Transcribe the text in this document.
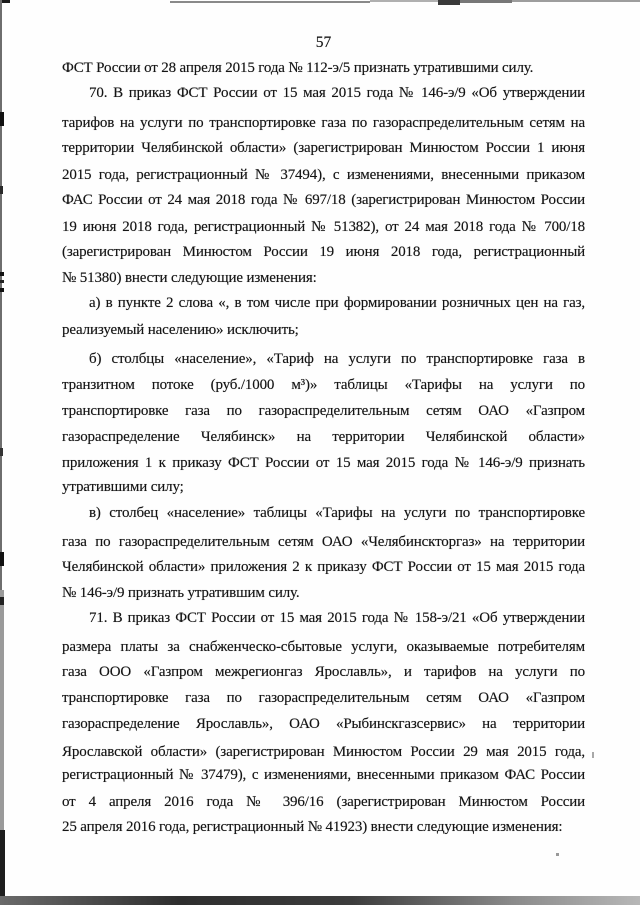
57
ФСТ России от 28 апреля 2015 года № 112-э/5 признать утратившими силу.
70. В приказ ФСТ России от 15 мая 2015 года № 146-э/9 «Об утверждении
тарифов на услуги по транспортировке газа по газораспределительным сетям на
территории Челябинской области» (зарегистрирован Минюстом России 1 июня
2015 года, регистрационный № 37494), с изменениями, внесенными приказом
ФАС России от 24 мая 2018 года № 697/18 (зарегистрирован Минюстом России
19 июня 2018 года, регистрационный № 51382), от 24 мая 2018 года № 700/18
(зарегистрирован Минюстом России 19 июня 2018 года, регистрационный
№ 51380) внести следующие изменения:
а) в пункте 2 слова «, в том числе при формировании розничных цен на газ,
реализуемый населению» исключить;
б) столбцы «население», «Тариф на услуги по транспортировке газа в
транзитном потоке (руб./1000 м³)» таблицы «Тарифы на услуги по
транспортировке газа по газораспределительным сетям ОАО «Газпром
газораспределение Челябинск» на территории Челябинской области»
приложения 1 к приказу ФСТ России от 15 мая 2015 года № 146-э/9 признать
утратившими силу;
в) столбец «население» таблицы «Тарифы на услуги по транспортировке
газа по газораспределительным сетям ОАО «Челябинскторгаз» на территории
Челябинской области» приложения 2 к приказу ФСТ России от 15 мая 2015 года
№ 146-э/9 признать утратившим силу.
71. В приказ ФСТ России от 15 мая 2015 года № 158-э/21 «Об утверждении
размера платы за снабженческо-сбытовые услуги, оказываемые потребителям
газа ООО «Газпром межрегионгаз Ярославль», и тарифов на услуги по
транспортировке газа по газораспределительным сетям ОАО «Газпром
газораспределение Ярославль», ОАО «Рыбинскгазсервис» на территории
Ярославской области» (зарегистрирован Минюстом России 29 мая 2015 года,
регистрационный № 37479), с изменениями, внесенными приказом ФАС России
от 4 апреля 2016 года № 396/16 (зарегистрирован Минюстом России
25 апреля 2016 года, регистрационный № 41923) внести следующие изменения:
